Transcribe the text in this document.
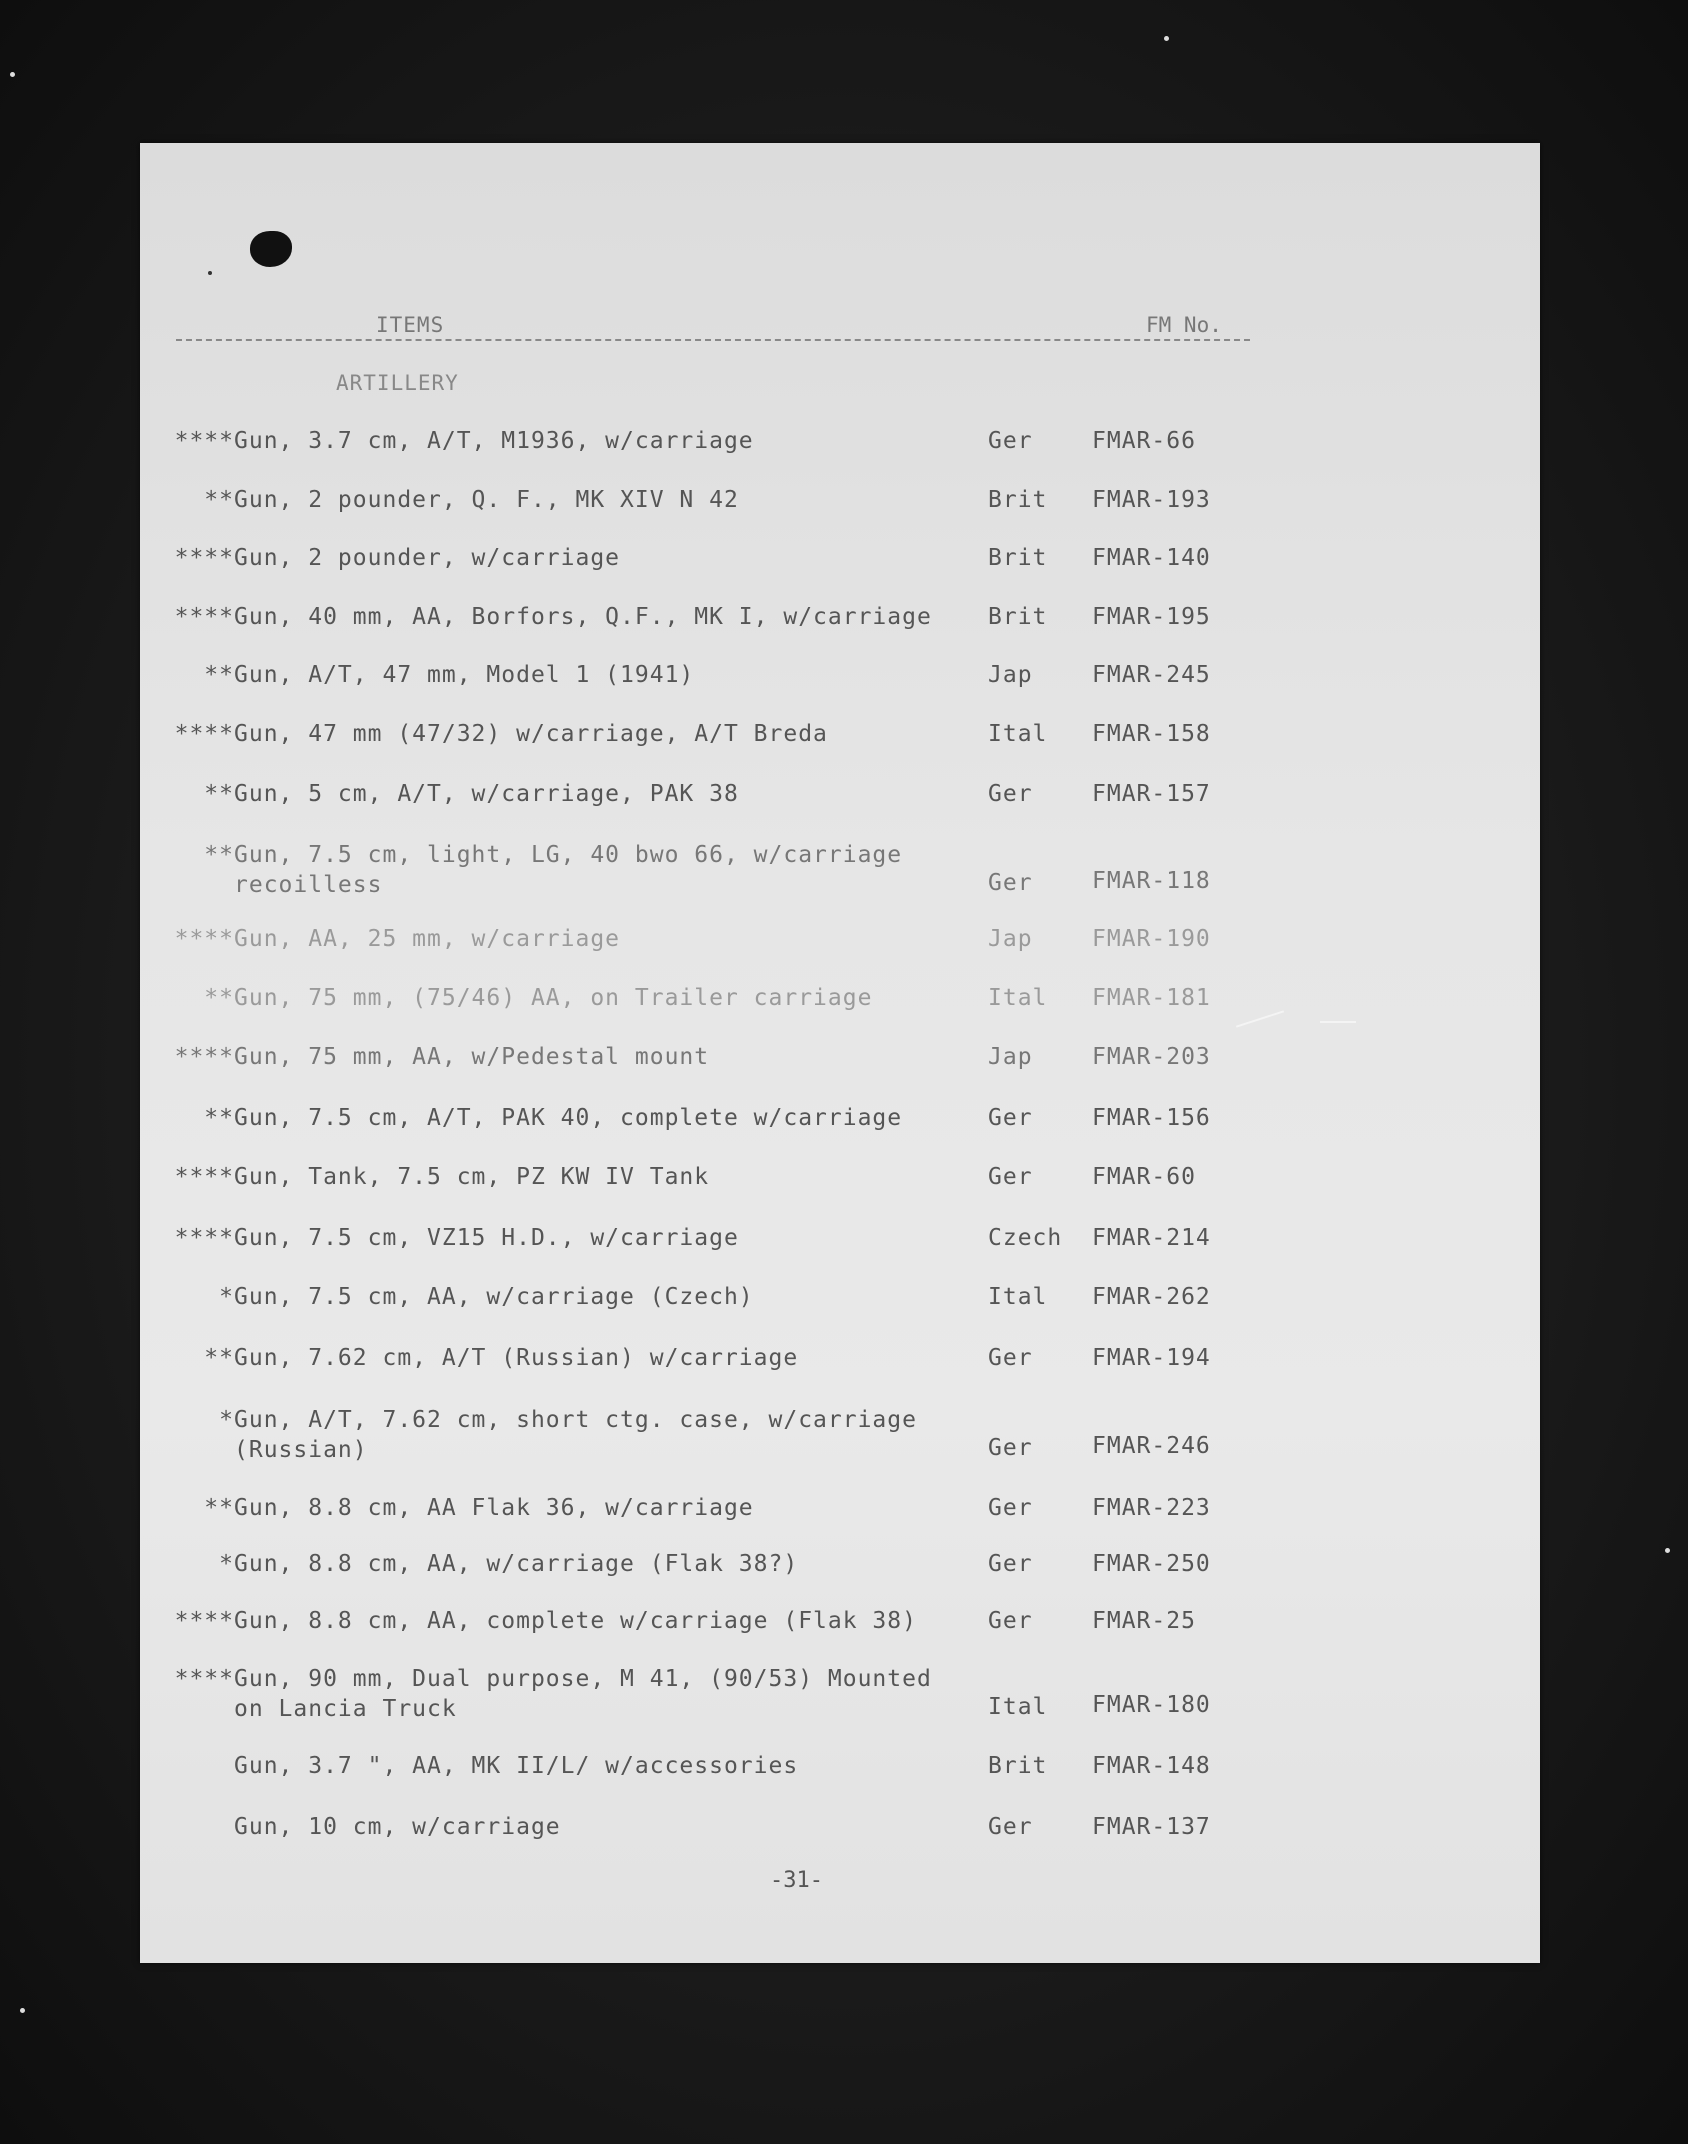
ITEMS	FM No.
ARTILLERY
**** Gun, 3.7 cm, A/T, M1936, w/carriage	Ger	FMAR-66
** Gun, 2 pounder, Q. F., MK XIV N 42	Brit	FMAR-193
**** Gun, 2 pounder, w/carriage	Brit	FMAR-140
**** Gun, 40 mm, AA, Borfors, Q.F., MK I, w/carriage	Brit	FMAR-195
** Gun, A/T, 47 mm, Model 1 (1941)	Jap	FMAR-245
**** Gun, 47 mm (47/32) w/carriage, A/T Breda	Ital	FMAR-158
** Gun, 5 cm, A/T, w/carriage, PAK 38	Ger	FMAR-157
** Gun, 7.5 cm, light, LG, 40 bwo 66, w/carriage
recoilless	Ger	FMAR-118
**** Gun, AA, 25 mm, w/carriage	Jap	FMAR-190
** Gun, 75 mm, (75/46) AA, on Trailer carriage	Ital	FMAR-181
**** Gun, 75 mm, AA, w/Pedestal mount	Jap	FMAR-203
** Gun, 7.5 cm, A/T, PAK 40, complete w/carriage	Ger	FMAR-156
**** Gun, Tank, 7.5 cm, PZ KW IV Tank	Ger	FMAR-60
**** Gun, 7.5 cm, VZ15 H.D., w/carriage	Czech	FMAR-214
* Gun, 7.5 cm, AA, w/carriage (Czech)	Ital	FMAR-262
** Gun, 7.62 cm, A/T (Russian) w/carriage	Ger	FMAR-194
* Gun, A/T, 7.62 cm, short ctg. case, w/carriage
(Russian)	Ger	FMAR-246
** Gun, 8.8 cm, AA Flak 36, w/carriage	Ger	FMAR-223
* Gun, 8.8 cm, AA, w/carriage (Flak 38?)	Ger	FMAR-250
**** Gun, 8.8 cm, AA, complete w/carriage (Flak 38)	Ger	FMAR-25
**** Gun, 90 mm, Dual purpose, M 41, (90/53) Mounted
on Lancia Truck	Ital	FMAR-180
Gun, 3.7 ", AA, MK II/L/ w/accessories	Brit	FMAR-148
Gun, 10 cm, w/carriage	Ger	FMAR-137
-31-
